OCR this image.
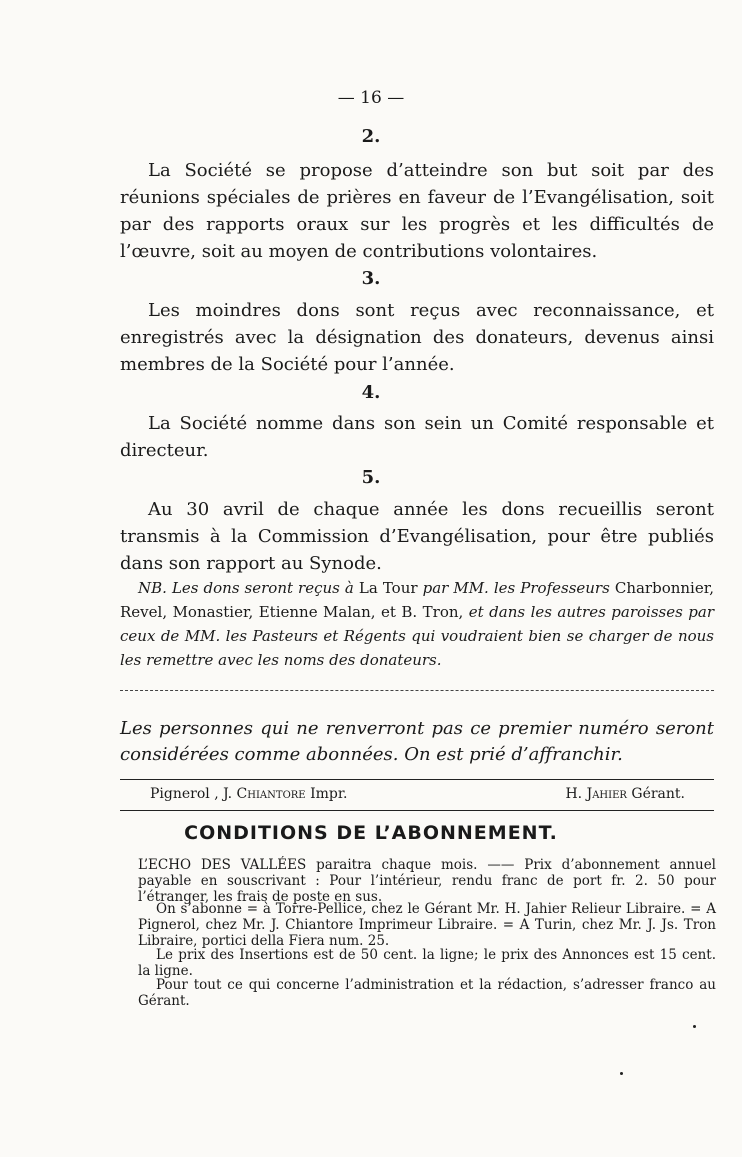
— 16 —
2.
La Société se propose d’atteindre son but soit par des réunions spéciales de prières en faveur de l’Evangélisation, soit par des rapports oraux sur les progrès et les difficultés de l’œuvre, soit au moyen de contributions volontaires.
3.
Les moindres dons sont reçus avec reconnaissance, et enregistrés avec la désignation des donateurs, devenus ainsi membres de la Société pour l’année.
4.
La Société nomme dans son sein un Comité responsable et directeur.
5.
Au 30 avril de chaque année les dons recueillis seront transmis à la Commission d’Evangélisation, pour être publiés dans son rapport au Synode.
NB. Les dons seront reçus à La Tour par MM. les Professeurs Charbonnier, Revel, Monastier, Etienne Malan, et B. Tron, et dans les autres paroisses par ceux de MM. les Pasteurs et Régents qui voudraient bien se charger de nous les remettre avec les noms des donateurs.
Les personnes qui ne renverront pas ce premier numéro seront considérées comme abonnées. On est prié d’affranchir.
Pignerol , J. Chiantore Impr.	H. Jahier Gérant.
CONDITIONS DE L’ABONNEMENT.
L’ECHO DES VALLÉES paraitra chaque mois. —— Prix d’abonnement annuel payable en souscrivant : Pour l’intérieur, rendu franc de port fr. 2. 50 pour l’étranger, les frais de poste en sus.
On s’abonne = à Torre-Pellice, chez le Gérant Mr. H. Jahier Relieur Libraire. = A Pignerol, chez Mr. J. Chiantore Imprimeur Libraire. = A Turin, chez Mr. J. Js. Tron Libraire, portici della Fiera num. 25.
Le prix des Insertions est de 50 cent. la ligne; le prix des Annonces est 15 cent. la ligne.
Pour tout ce qui concerne l’administration et la rédaction, s’adresser franco au Gérant.
